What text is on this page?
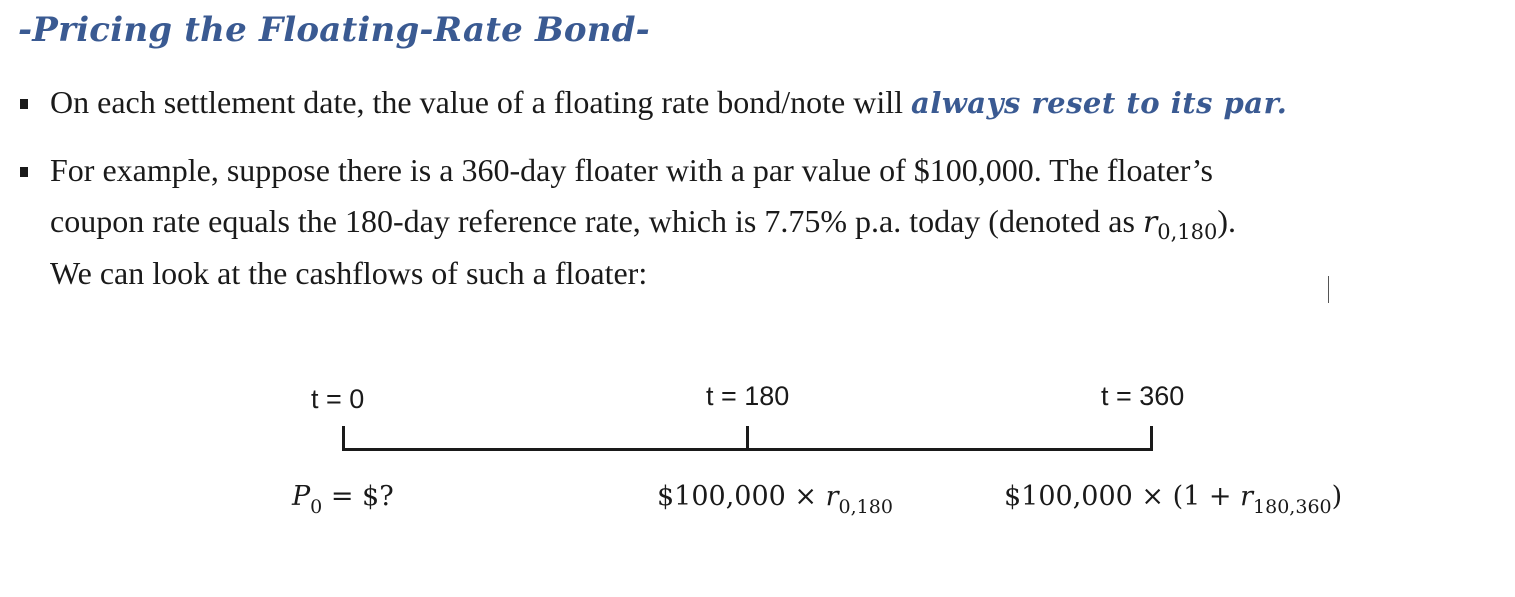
-Pricing the Floating-Rate Bond-
On each settlement date, the value of a floating rate bond/note will always reset to its par.
For example, suppose there is a 360-day floater with a par value of $100,000. The floater’s
coupon rate equals the 180-day reference rate, which is 7.75% p.a. today (denoted as $r_{0,180}$).
We can look at the cashflows of such a floater:
t = 0	t = 180	t = 360
$P_0$ = $?	$100,000 × $r_{0,180}$	$100,000 × $(1 + r_{180,360})$
